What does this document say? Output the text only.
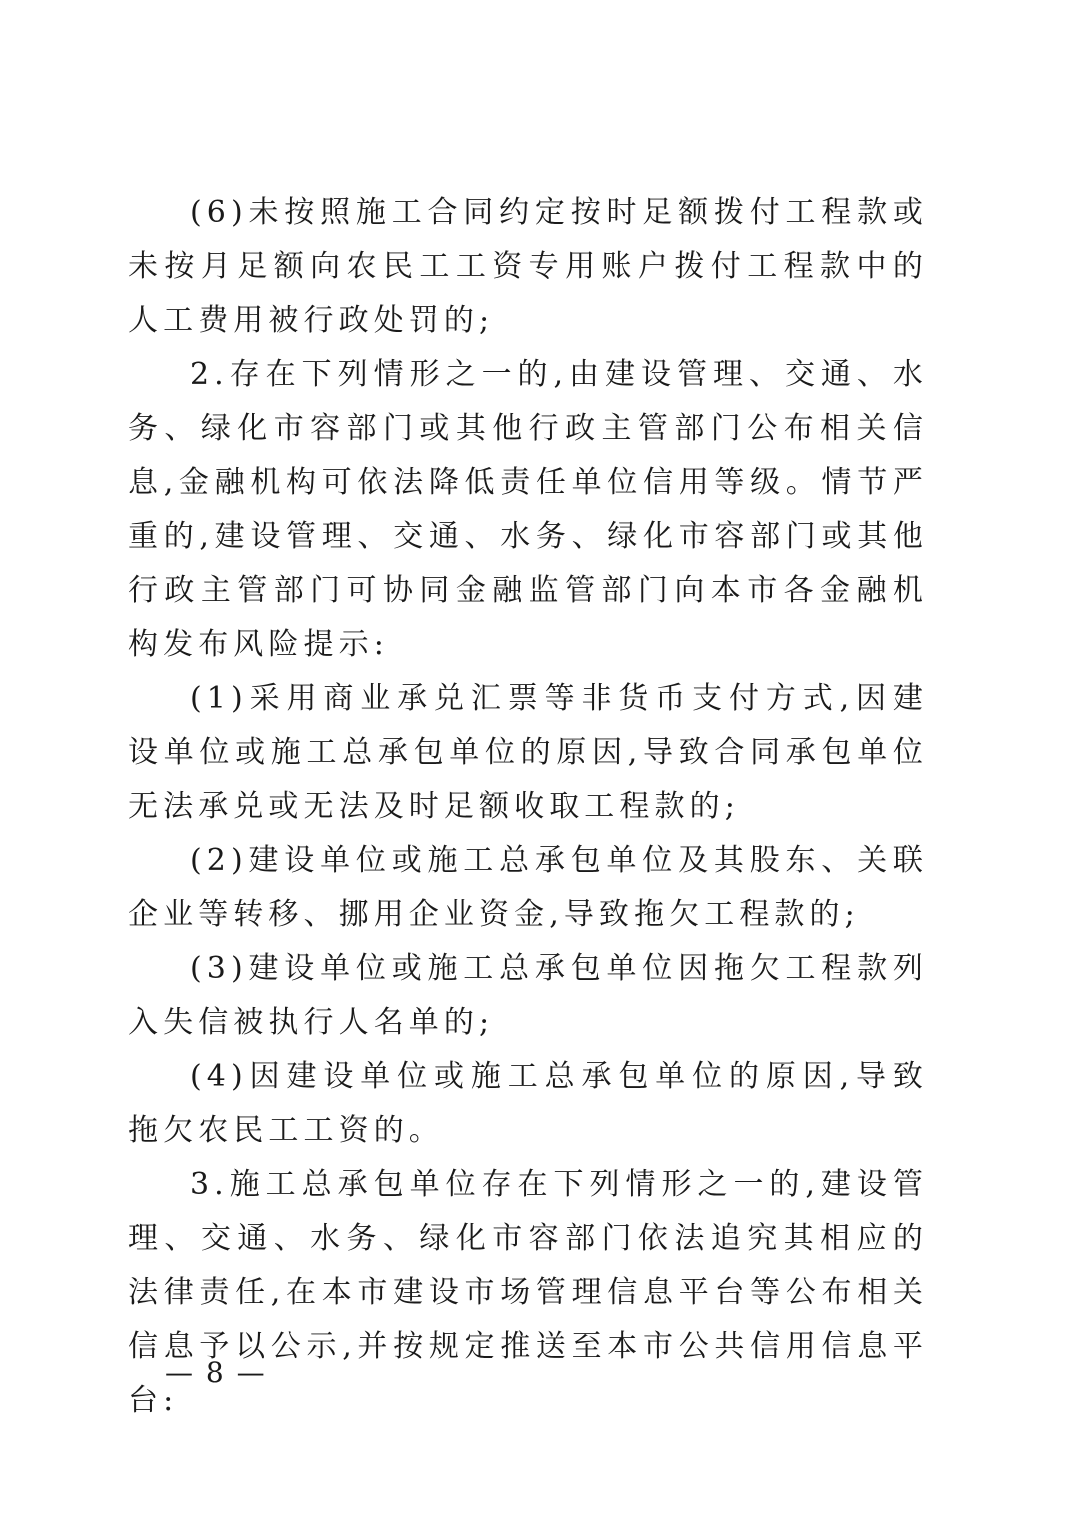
(6)未按照施工合同约定按时足额拨付工程款或未按月足额向农民工工资专用账户拨付工程款中的人工费用被行政处罚的;

2.存在下列情形之一的,由建设管理、交通、水务、绿化市容部门或其他行政主管部门公布相关信息,金融机构可依法降低责任单位信用等级。情节严重的,建设管理、交通、水务、绿化市容部门或其他行政主管部门可协同金融监管部门向本市各金融机构发布风险提示:

(1)采用商业承兑汇票等非货币支付方式,因建设单位或施工总承包单位的原因,导致合同承包单位无法承兑或无法及时足额收取工程款的;

(2)建设单位或施工总承包单位及其股东、关联企业等转移、挪用企业资金,导致拖欠工程款的;

(3)建设单位或施工总承包单位因拖欠工程款列入失信被执行人名单的;

(4)因建设单位或施工总承包单位的原因,导致拖欠农民工工资的。

3.施工总承包单位存在下列情形之一的,建设管理、交通、水务、绿化市容部门依法追究其相应的法律责任,在本市建设市场管理信息平台等公布相关信息予以公示,并按规定推送至本市公共信用信息平台:

— 8 —
